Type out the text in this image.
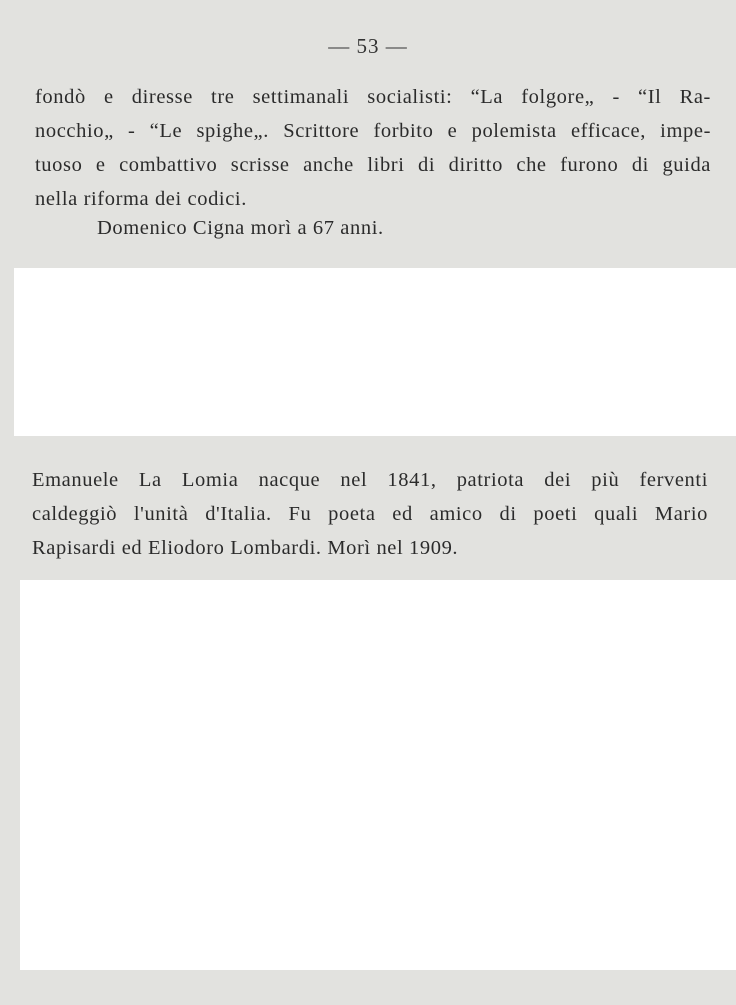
— 53 —
fondò e diresse tre settimanali socialisti: “La folgore„ - “Il Ra-
nocchio„ - “Le spighe„. Scrittore forbito e polemista efficace, impe-
tuoso e combattivo scrisse anche libri di diritto che furono di guida
nella riforma dei codici.
Domenico Cigna morì a 67 anni.
Emanuele La Lomia nacque nel 1841, patriota dei più ferventi
caldeggiò l'unità d'Italia. Fu poeta ed amico di poeti quali Mario
Rapisardi ed Eliodoro Lombardi. Morì nel 1909.
